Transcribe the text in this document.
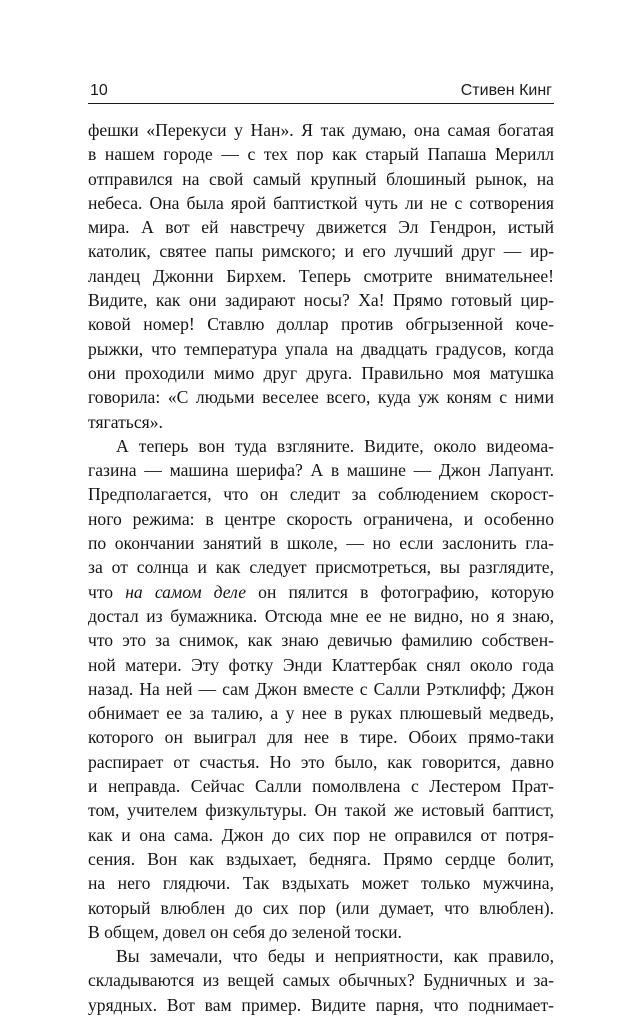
10	Стивен Кинг
фешки «Перекуси у Нан». Я так думаю, она самая богатая
в нашем городе — с тех пор как старый Папаша Мерилл
отправился на свой самый крупный блошиный рынок, на
небеса. Она была ярой баптисткой чуть ли не с сотворения
мира. А вот ей навстречу движется Эл Гендрон, истый
католик, святее папы римского; и его лучший друг — ир-
ландец Джонни Бирхем. Теперь смотрите внимательнее!
Видите, как они задирают носы? Ха! Прямо готовый цир-
ковой номер! Ставлю доллар против обгрызенной коче-
рыжки, что температура упала на двадцать градусов, когда
они проходили мимо друг друга. Правильно моя матушка
говорила: «С людьми веселее всего, куда уж коням с ними
тягаться».
А теперь вон туда взгляните. Видите, около видеома-
газина — машина шерифа? А в машине — Джон Лапуант.
Предполагается, что он следит за соблюдением скорост-
ного режима: в центре скорость ограничена, и особенно
по окончании занятий в школе, — но если заслонить гла-
за от солнца и как следует присмотреться, вы разглядите,
что на самом деле он пялится в фотографию, которую
достал из бумажника. Отсюда мне ее не видно, но я знаю,
что это за снимок, как знаю девичью фамилию собствен-
ной матери. Эту фотку Энди Клаттербак снял около года
назад. На ней — сам Джон вместе с Салли Рэтклифф; Джон
обнимает ее за талию, а у нее в руках плюшевый медведь,
которого он выиграл для нее в тире. Обоих прямо-таки
распирает от счастья. Но это было, как говорится, давно
и неправда. Сейчас Салли помолвлена с Лестером Прат-
том, учителем физкультуры. Он такой же истовый баптист,
как и она сама. Джон до сих пор не оправился от потря-
сения. Вон как вздыхает, бедняга. Прямо сердце болит,
на него глядючи. Так вздыхать может только мужчина,
который влюблен до сих пор (или думает, что влюблен).
В общем, довел он себя до зеленой тоски.
Вы замечали, что беды и неприятности, как правило,
складываются из вещей самых обычных? Будничных и за-
урядных. Вот вам пример. Видите парня, что поднимает-
